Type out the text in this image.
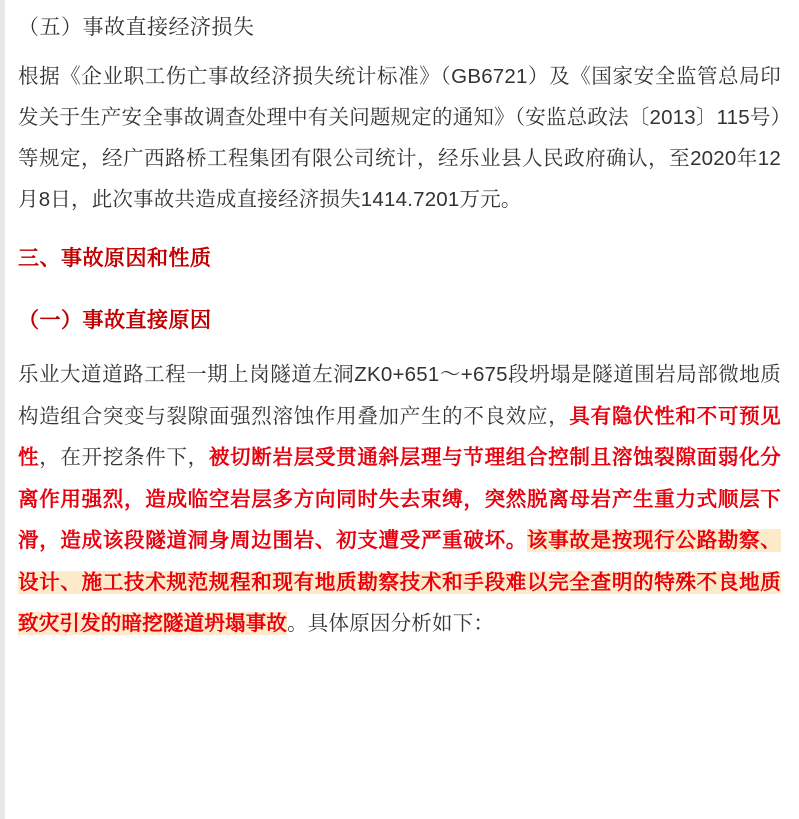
（五）事故直接经济损失

根据《企业职工伤亡事故经济损失统计标准》（GB6721）及《国家安全监管总局印发关于生产安全事故调查处理中有关问题规定的通知》（安监总政法〔2013〕115号）等规定，经广西路桥工程集团有限公司统计，经乐业县人民政府确认，至2020年12月8日，此次事故共造成直接经济损失1414.7201万元。

三、事故原因和性质
（一）事故直接原因

乐业大道道路工程一期上岗隧道左洞ZK0+651～+675段坍塌是隧道围岩局部微地质构造组合突变与裂隙面强烈溶蚀作用叠加产生的不良效应，具有隐伏性和不可预见性，在开挖条件下，被切断岩层受贯通斜层理与节理组合控制且溶蚀裂隙面弱化分离作用强烈，造成临空岩层多方向同时失去束缚，突然脱离母岩产生重力式顺层下滑，造成该段隧道洞身周边围岩、初支遭受严重破坏。该事故是按现行公路勘察、设计、施工技术规范规程和现有地质勘察技术和手段难以完全查明的特殊不良地质致灾引发的暗挖隧道坍塌事故。具体原因分析如下：
